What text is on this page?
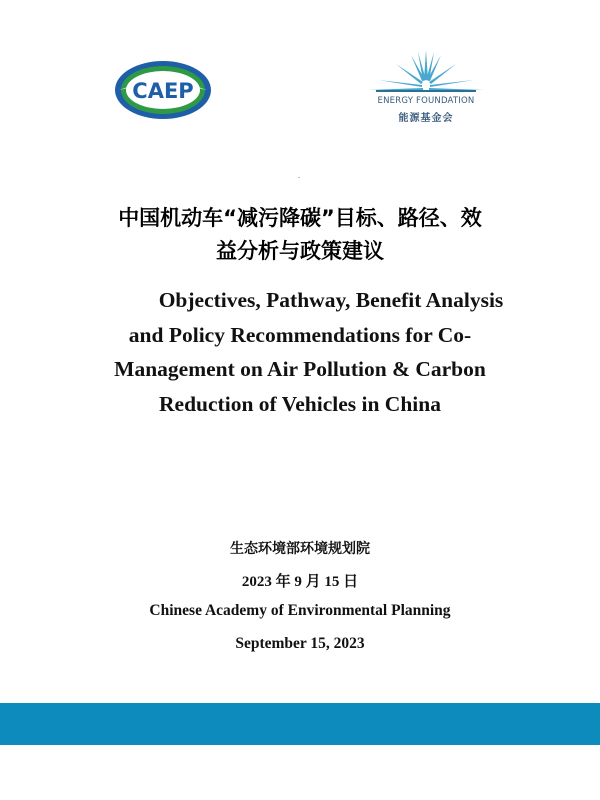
CAEP	ENERGY FOUNDATION
能源基金会
中国机动车“减污降碳”目标、路径、效
益分析与政策建议
Objectives, Pathway, Benefit Analysis
and Policy Recommendations for Co-
Management on Air Pollution & Carbon
Reduction of Vehicles in China
生态环境部环境规划院
2023 年 9 月 15 日
Chinese Academy of Environmental Planning
September 15, 2023
